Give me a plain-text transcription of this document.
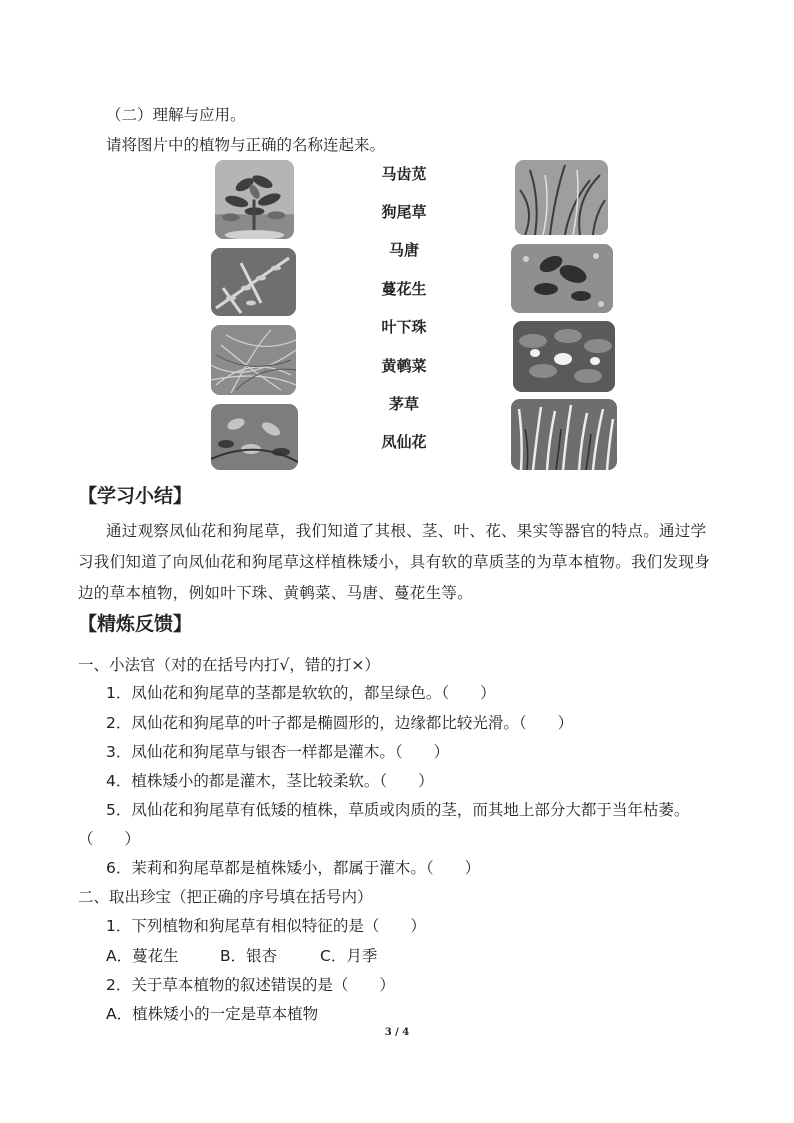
（二）理解与应用。
请将图片中的植物与正确的名称连起来。
马齿苋
狗尾草
马唐
蔓花生
叶下珠
黄鹌菜
茅草
凤仙花
【学习小结】
通过观察凤仙花和狗尾草，我们知道了其根、茎、叶、花、果实等器官的特点。通过学
习我们知道了向凤仙花和狗尾草这样植株矮小，具有软的草质茎的为草本植物。我们发现身
边的草本植物，例如叶下珠、黄鹌菜、马唐、蔓花生等。
【精炼反馈】
一、小法官（对的在括号内打√，错的打×）
1．凤仙花和狗尾草的茎都是软软的，都呈绿色。（　　）
2．凤仙花和狗尾草的叶子都是椭圆形的，边缘都比较光滑。（　　）
3．凤仙花和狗尾草与银杏一样都是灌木。（　　）
4．植株矮小的都是灌木，茎比较柔软。（　　）
5．凤仙花和狗尾草有低矮的植株，草质或肉质的茎，而其地上部分大都于当年枯萎。
（　　）
6．茉莉和狗尾草都是植株矮小，都属于灌木。（　　）
二、取出珍宝（把正确的序号填在括号内）
1．下列植物和狗尾草有相似特征的是（　　）
A．蔓花生	B．银杏	C．月季
2．关于草本植物的叙述错误的是（　　）
A．植株矮小的一定是草本植物
3 / 4
